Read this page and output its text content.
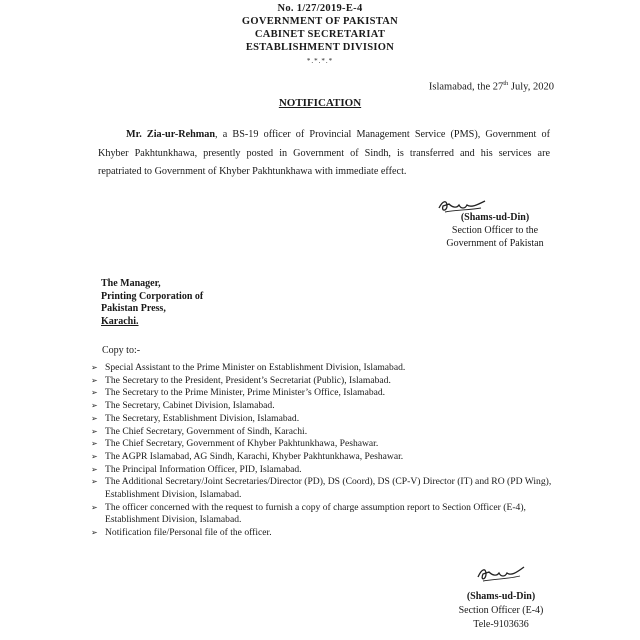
No. 1/27/2019-E-4
GOVERNMENT OF PAKISTAN
CABINET SECRETARIAT
ESTABLISHMENT DIVISION
*.*.*.*
Islamabad, the 27th July, 2020
NOTIFICATION
Mr. Zia-ur-Rehman, a BS-19 officer of Provincial Management Service (PMS), Government of Khyber Pakhtunkhawa, presently posted in Government of Sindh, is transferred and his services are repatriated to Government of Khyber Pakhtunkhawa with immediate effect.
(Shams-ud-Din)
Section Officer to the
Government of Pakistan
The Manager,
Printing Corporation of
Pakistan Press,
Karachi.
Copy to:-
➢ Special Assistant to the Prime Minister on Establishment Division, Islamabad.
➢ The Secretary to the President, President’s Secretariat (Public), Islamabad.
➢ The Secretary to the Prime Minister, Prime Minister’s Office, Islamabad.
➢ The Secretary, Cabinet Division, Islamabad.
➢ The Secretary, Establishment Division, Islamabad.
➢ The Chief Secretary, Government of Sindh, Karachi.
➢ The Chief Secretary, Government of Khyber Pakhtunkhawa, Peshawar.
➢ The AGPR Islamabad, AG Sindh, Karachi, Khyber Pakhtunkhawa, Peshawar.
➢ The Principal Information Officer, PID, Islamabad.
➢ The Additional Secretary/Joint Secretaries/Director (PD), DS (Coord), DS (CP-V) Director (IT) and RO (PD Wing), Establishment Division, Islamabad.
➢ The officer concerned with the request to furnish a copy of charge assumption report to Section Officer (E-4), Establishment Division, Islamabad.
➢ Notification file/Personal file of the officer.
(Shams-ud-Din)
Section Officer (E-4)
Tele-9103636
